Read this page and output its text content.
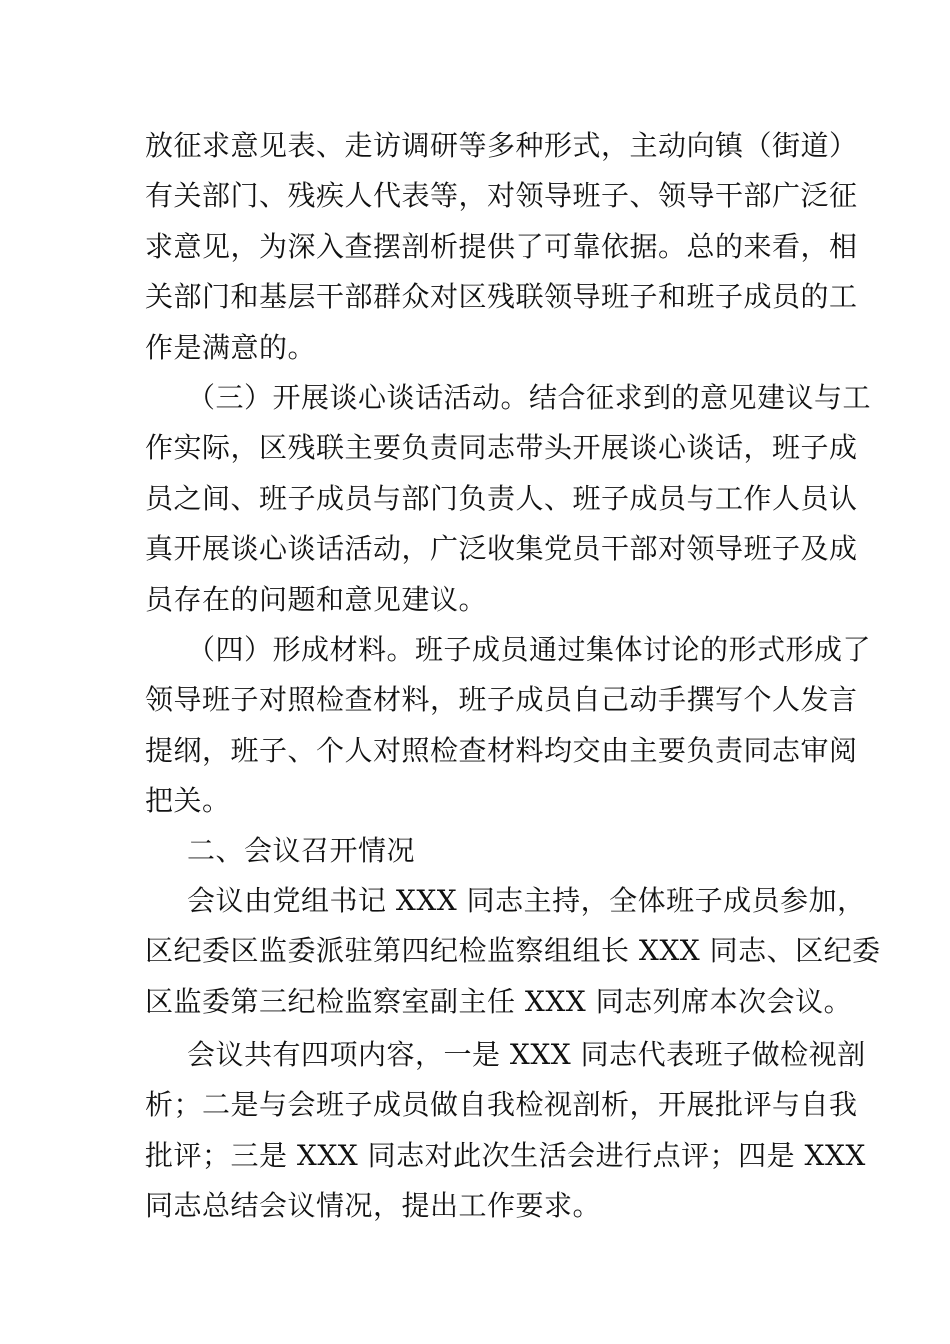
放征求意见表、走访调研等多种形式，主动向镇（街道）
有关部门、残疾人代表等，对领导班子、领导干部广泛征
求意见，为深入查摆剖析提供了可靠依据。总的来看，相
关部门和基层干部群众对区残联领导班子和班子成员的工
作是满意的。
（三）开展谈心谈话活动。结合征求到的意见建议与工
作实际，区残联主要负责同志带头开展谈心谈话，班子成
员之间、班子成员与部门负责人、班子成员与工作人员认
真开展谈心谈话活动，广泛收集党员干部对领导班子及成
员存在的问题和意见建议。
（四）形成材料。班子成员通过集体讨论的形式形成了
领导班子对照检查材料，班子成员自己动手撰写个人发言
提纲，班子、个人对照检查材料均交由主要负责同志审阅
把关。
二、会议召开情况
会议由党组书记 XXX 同志主持，全体班子成员参加，
区纪委区监委派驻第四纪检监察组组长 XXX 同志、区纪委
区监委第三纪检监察室副主任 XXX 同志列席本次会议。
会议共有四项内容，一是 XXX 同志代表班子做检视剖
析；二是与会班子成员做自我检视剖析，开展批评与自我
批评；三是 XXX 同志对此次生活会进行点评；四是 XXX
同志总结会议情况，提出工作要求。
